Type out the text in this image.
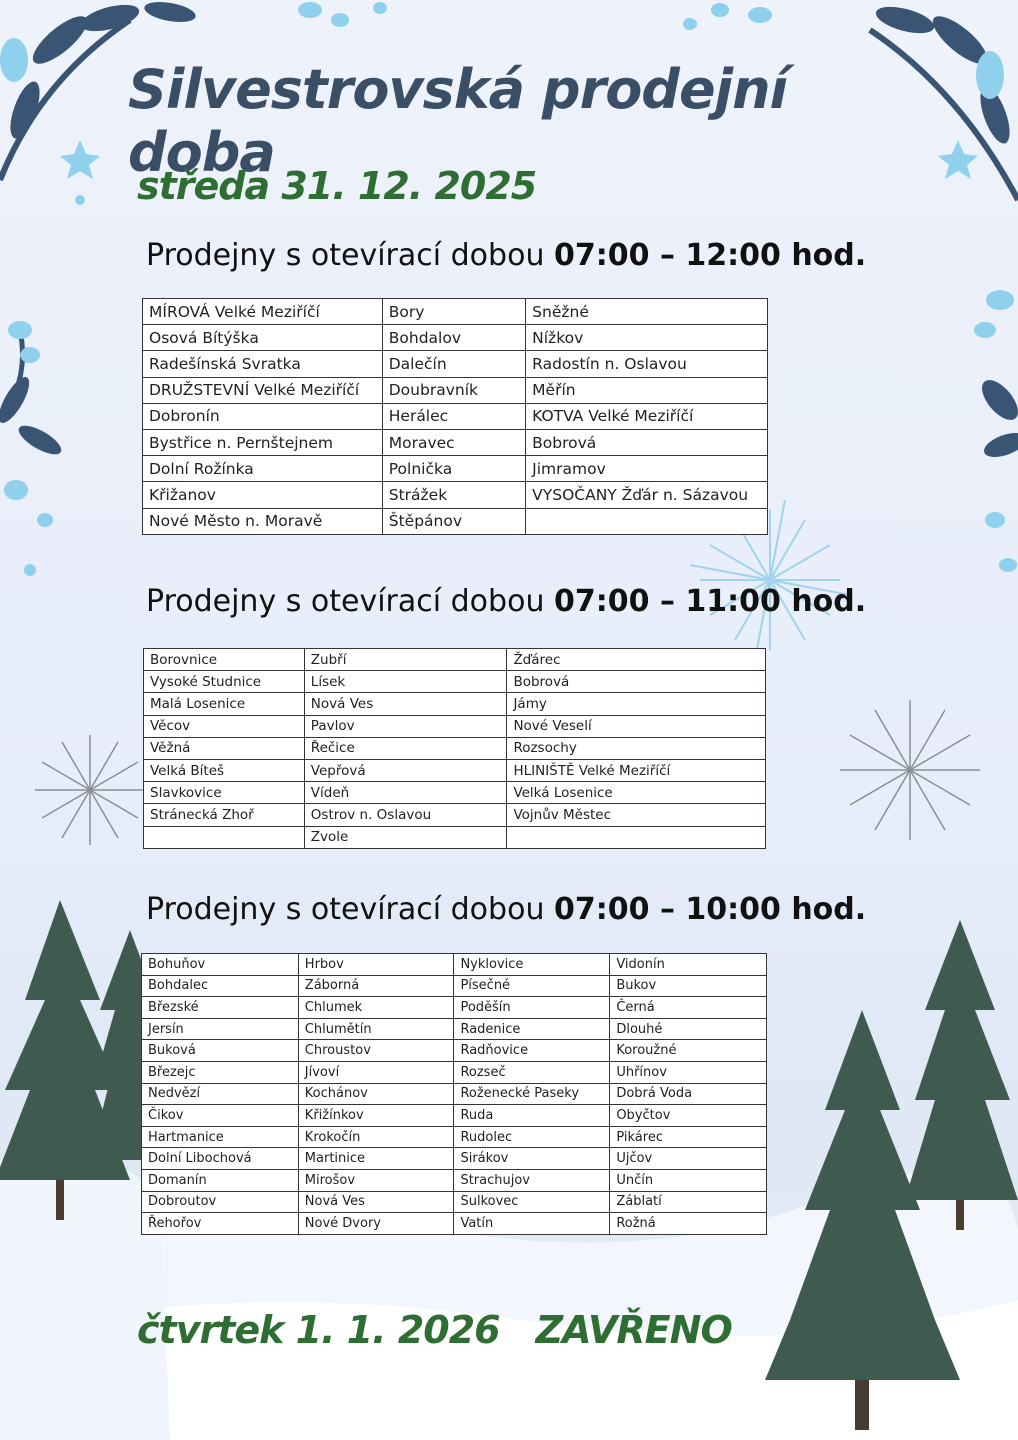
Silvestrovská prodejní doba
středa 31. 12. 2025
Prodejny s otevírací dobou 07:00 – 12:00 hod.
MÍROVÁ Velké Meziříčí	Bory	Sněžné
Osová Bítýška	Bohdalov	Nížkov
Radešínská Svratka	Dalečín	Radostín n. Oslavou
DRUŽSTEVNÍ Velké Meziříčí	Doubravník	Měřín
Dobronín	Herálec	KOTVA Velké Meziříčí
Bystřice n. Pernštejnem	Moravec	Bobrová
Dolní Rožínka	Polnička	Jimramov
Křižanov	Strážek	VYSOČANY Žďár n. Sázavou
Nové Město n. Moravě	Štěpánov	
Prodejny s otevírací dobou 07:00 – 11:00 hod.
Borovnice	Zubří	Žďárec
Vysoké Studnice	Lísek	Bobrová
Malá Losenice	Nová Ves	Jámy
Věcov	Pavlov	Nové Veselí
Věžná	Řečice	Rozsochy
Velká Bíteš	Vepřová	HLINIŠTĚ Velké Meziříčí
Slavkovice	Vídeň	Velká Losenice
Stránecká Zhoř	Ostrov n. Oslavou	Vojnův Městec
	Zvole	
Prodejny s otevírací dobou 07:00 – 10:00 hod.
Bohuňov	Hrbov	Nyklovice	Vidonín
Bohdalec	Záborná	Písečné	Bukov
Březské	Chlumek	Poděšín	Černá
Jersín	Chlumětín	Radenice	Dlouhé
Buková	Chroustov	Radňovice	Koroužné
Březejc	Jívoví	Rozseč	Uhřínov
Nedvězí	Kochánov	Roženecké Paseky	Dobrá Voda
Čikov	Křižínkov	Ruda	Obyčtov
Hartmanice	Krokočín	Rudolec	Pikárec
Dolní Libochová	Martinice	Sirákov	Ujčov
Domanín	Mirošov	Strachujov	Unčín
Dobroutov	Nová Ves	Sulkovec	Záblatí
Řehořov	Nové Dvory	Vatín	Rožná
čtvrtek 1. 1. 2026 ZAVŘENO
